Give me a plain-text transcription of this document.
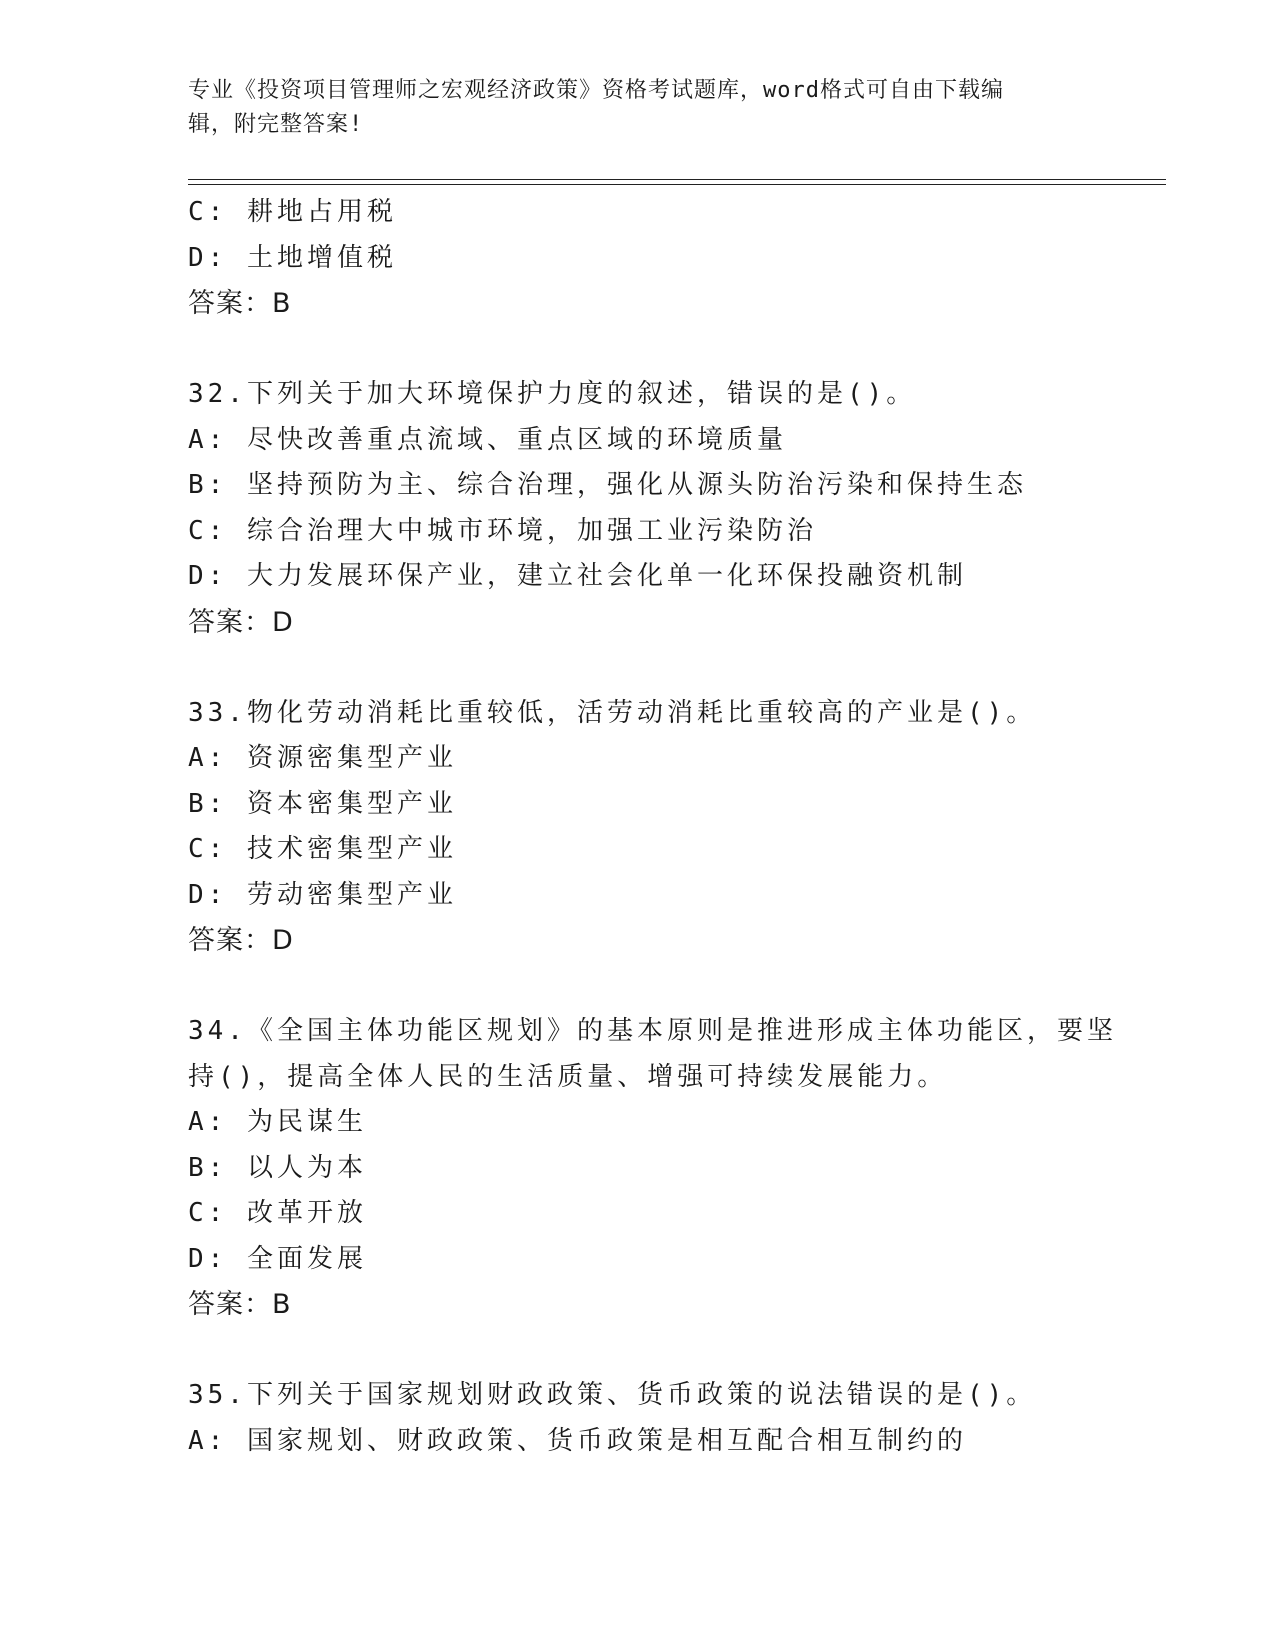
专业《投资项目管理师之宏观经济政策》资格考试题库，word格式可自由下载编
辑，附完整答案!
C: 耕地占用税
D: 土地增值税
答案：B
32.下列关于加大环境保护力度的叙述，错误的是()。
A: 尽快改善重点流域、重点区域的环境质量
B: 坚持预防为主、综合治理，强化从源头防治污染和保持生态
C: 综合治理大中城市环境，加强工业污染防治
D: 大力发展环保产业，建立社会化单一化环保投融资机制
答案：D
33.物化劳动消耗比重较低，活劳动消耗比重较高的产业是()。
A: 资源密集型产业
B: 资本密集型产业
C: 技术密集型产业
D: 劳动密集型产业
答案：D
34.《全国主体功能区规划》的基本原则是推进形成主体功能区，要坚
持()，提高全体人民的生活质量、增强可持续发展能力。
A: 为民谋生
B: 以人为本
C: 改革开放
D: 全面发展
答案：B
35.下列关于国家规划财政政策、货币政策的说法错误的是()。
A: 国家规划、财政政策、货币政策是相互配合相互制约的
